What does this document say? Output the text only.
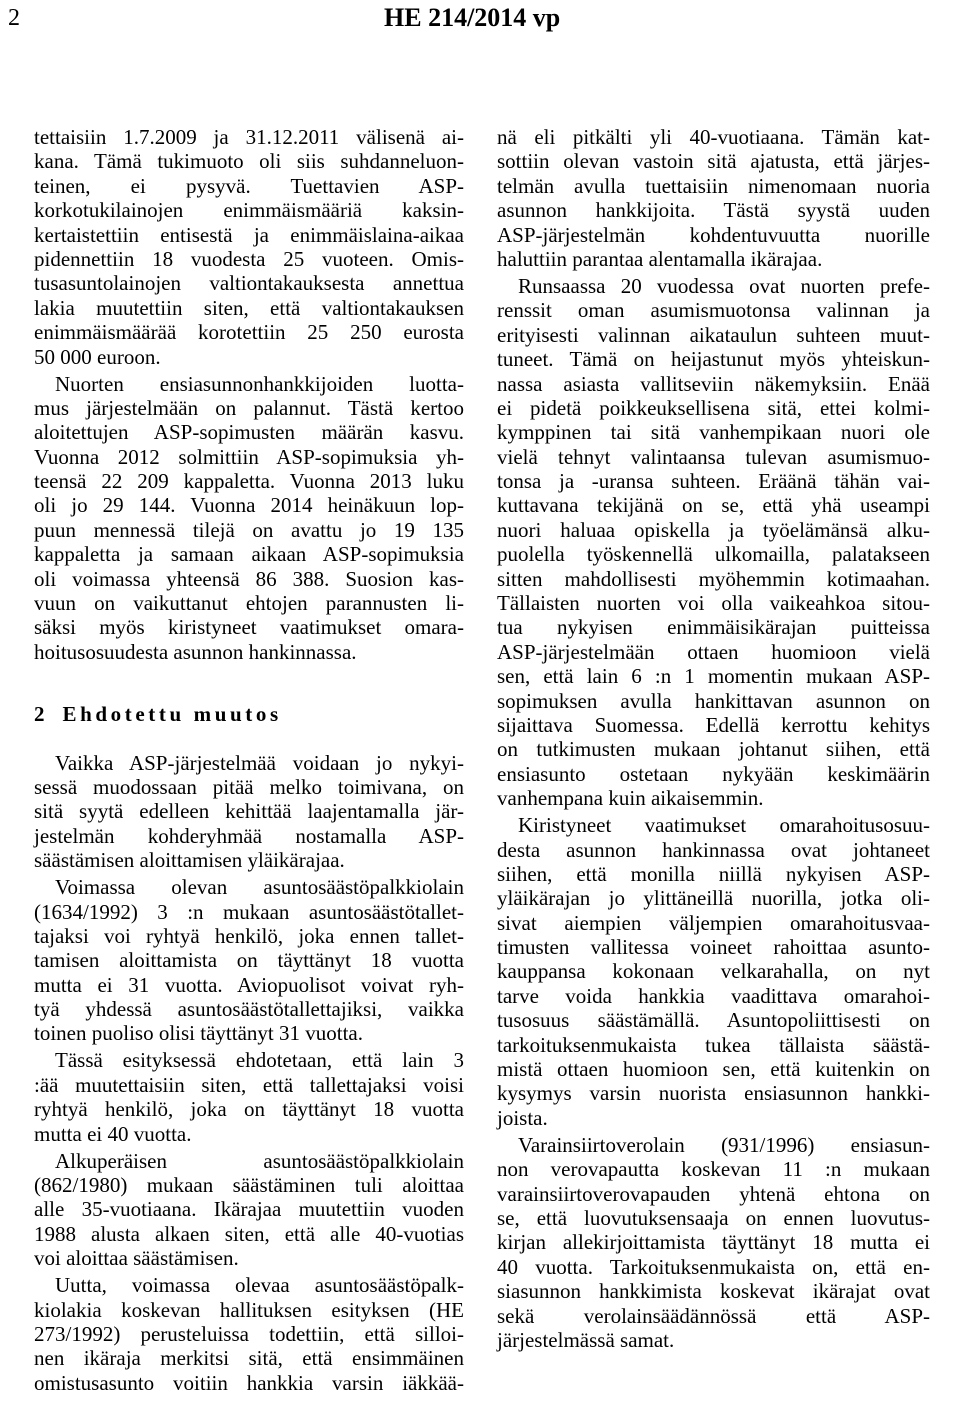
2	HE 214/2014 vp
tettaisiin 1.7.2009 ja 31.12.2011 välisenä ai-
kana. Tämä tukimuoto oli siis suhdanneluon-
teinen, ei pysyvä. Tuettavien ASP-
korkotukilainojen enimmäismääriä kaksin-
kertaistettiin entisestä ja enimmäislaina-aikaa
pidennettiin 18 vuodesta 25 vuoteen. Omis-
tusasuntolainojen valtiontakauksesta annettua
lakia muutettiin siten, että valtiontakauksen
enimmäismäärää korotettiin 25 250 eurosta
50 000 euroon.
Nuorten ensiasunnonhankkijoiden luotta-
mus järjestelmään on palannut. Tästä kertoo
aloitettujen ASP-sopimusten määrän kasvu.
Vuonna 2012 solmittiin ASP-sopimuksia yh-
teensä 22 209 kappaletta. Vuonna 2013 luku
oli jo 29 144. Vuonna 2014 heinäkuun lop-
puun mennessä tilejä on avattu jo 19 135
kappaletta ja samaan aikaan ASP-sopimuksia
oli voimassa yhteensä 86 388. Suosion kas-
vuun on vaikuttanut ehtojen parannusten li-
säksi myös kiristyneet vaatimukset omara-
hoitusosuudesta asunnon hankinnassa.
2 Ehdotettu muutos
Vaikka ASP-järjestelmää voidaan jo nykyi-
sessä muodossaan pitää melko toimivana, on
sitä syytä edelleen kehittää laajentamalla jär-
jestelmän kohderyhmää nostamalla ASP-
säästämisen aloittamisen yläikärajaa.
Voimassa olevan asuntosäästöpalkkiolain
(1634/1992) 3 :n mukaan asuntosäästötallet-
tajaksi voi ryhtyä henkilö, joka ennen tallet-
tamisen aloittamista on täyttänyt 18 vuotta
mutta ei 31 vuotta. Aviopuolisot voivat ryh-
tyä yhdessä asuntosäästötallettajiksi, vaikka
toinen puoliso olisi täyttänyt 31 vuotta.
Tässä esityksessä ehdotetaan, että lain 3
:ää muutettaisiin siten, että tallettajaksi voisi
ryhtyä henkilö, joka on täyttänyt 18 vuotta
mutta ei 40 vuotta.
Alkuperäisen asuntosäästöpalkkiolain
(862/1980) mukaan säästäminen tuli aloittaa
alle 35-vuotiaana. Ikärajaa muutettiin vuoden
1988 alusta alkaen siten, että alle 40-vuotias
voi aloittaa säästämisen.
Uutta, voimassa olevaa asuntosäästöpalk-
kiolakia koskevan hallituksen esityksen (HE
273/1992) perusteluissa todettiin, että silloi-
nen ikäraja merkitsi sitä, että ensimmäinen
omistusasunto voitiin hankkia varsin iäkkää-
nä eli pitkälti yli 40-vuotiaana. Tämän kat-
sottiin olevan vastoin sitä ajatusta, että järjes-
telmän avulla tuettaisiin nimenomaan nuoria
asunnon hankkijoita. Tästä syystä uuden
ASP-järjestelmän kohdentuvuutta nuorille
haluttiin parantaa alentamalla ikärajaa.
Runsaassa 20 vuodessa ovat nuorten prefe-
renssit oman asumismuotonsa valinnan ja
erityisesti valinnan aikataulun suhteen muut-
tuneet. Tämä on heijastunut myös yhteiskun-
nassa asiasta vallitseviin näkemyksiin. Enää
ei pidetä poikkeuksellisena sitä, ettei kolmi-
kymppinen tai sitä vanhempikaan nuori ole
vielä tehnyt valintaansa tulevan asumismuo-
tonsa ja -uransa suhteen. Eräänä tähän vai-
kuttavana tekijänä on se, että yhä useampi
nuori haluaa opiskella ja työelämänsä alku-
puolella työskennellä ulkomailla, palatakseen
sitten mahdollisesti myöhemmin kotimaahan.
Tällaisten nuorten voi olla vaikeahkoa sitou-
tua nykyisen enimmäisikärajan puitteissa
ASP-järjestelmään ottaen huomioon vielä
sen, että lain 6 :n 1 momentin mukaan ASP-
sopimuksen avulla hankittavan asunnon on
sijaittava Suomessa. Edellä kerrottu kehitys
on tutkimusten mukaan johtanut siihen, että
ensiasunto ostetaan nykyään keskimäärin
vanhempana kuin aikaisemmin.
Kiristyneet vaatimukset omarahoitusosuu-
desta asunnon hankinnassa ovat johtaneet
siihen, että monilla niillä nykyisen ASP-
yläikärajan jo ylittäneillä nuorilla, jotka oli-
sivat aiempien väljempien omarahoitusvaa-
timusten vallitessa voineet rahoittaa asunto-
kauppansa kokonaan velkarahalla, on nyt
tarve voida hankkia vaadittava omarahoi-
tusosuus säästämällä. Asuntopoliittisesti on
tarkoituksenmukaista tukea tällaista säästä-
mistä ottaen huomioon sen, että kuitenkin on
kysymys varsin nuorista ensiasunnon hankki-
joista.
Varainsiirtoverolain (931/1996) ensiasun-
non verovapautta koskevan 11 :n mukaan
varainsiirtoverovapauden yhtenä ehtona on
se, että luovutuksensaaja on ennen luovutus-
kirjan allekirjoittamista täyttänyt 18 mutta ei
40 vuotta. Tarkoituksenmukaista on, että en-
siasunnon hankkimista koskevat ikärajat ovat
sekä verolainsäädännössä että ASP-
järjestelmässä samat.
